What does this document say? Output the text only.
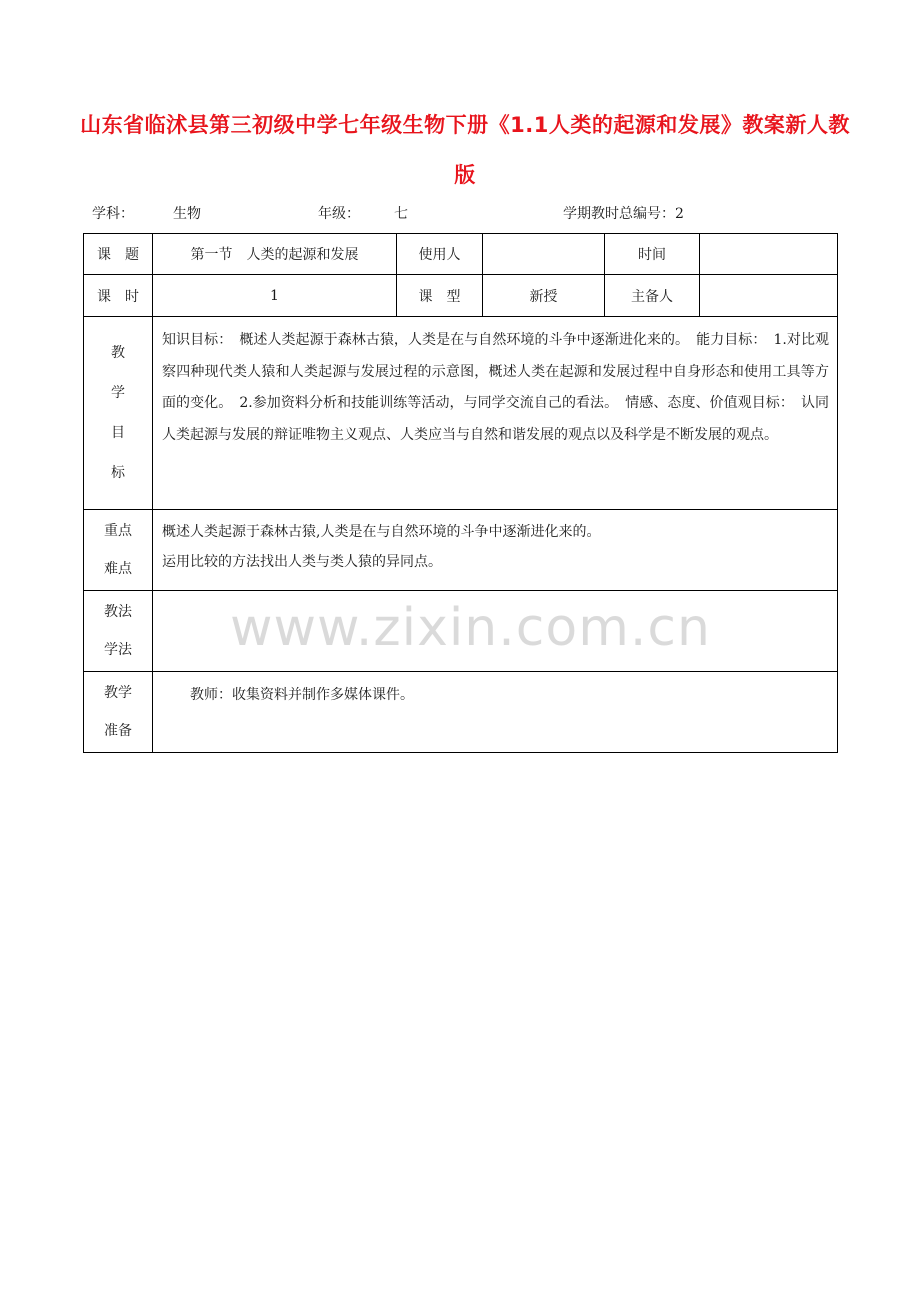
山东省临沭县第三初级中学七年级生物下册《1.1人类的起源和发展》教案新人教版
学科：	生物	年级： 七	学期教时总编号：2
课　题	第一节　人类的起源和发展	使用人		时间	
课　时	1	课　型	新授	主备人	

教
学
目
标	知识目标：　概述人类起源于森林古猿，人类是在与自然环境的斗争中逐渐进化来的。　能力目标：　1.对比观察四种现代类人猿和人类起源与发展过程的示意图，概述人类在起源和发展过程中自身形态和使用工具等方面的变化。　2.参加资料分析和技能训练等活动，与同学交流自己的看法。　情感、态度、价值观目标：　认同人类起源与发展的辩证唯物主义观点、人类应当与自然和谐发展的观点以及科学是不断发展的观点。				

重点
难点	概述人类起源于森林古猿,人类是在与自然环境的斗争中逐渐进化来的。
运用比较的方法找出人类与类人猿的异同点。				

教法
学法					

教学
准备	　　教师：收集资料并制作多媒体课件。				
www.zixin.com.cn
